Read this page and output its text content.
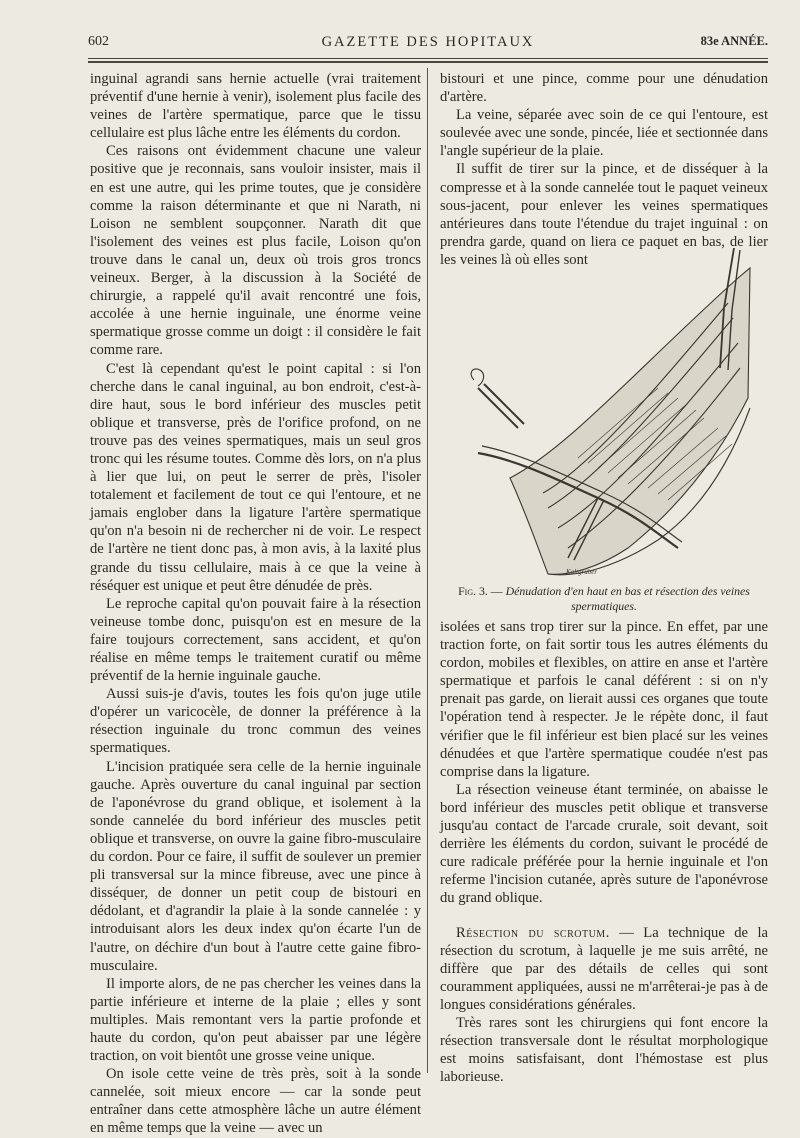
GAZETTE DES HOPITAUX
602	83e ANNÉE.

inguinal agrandi sans hernie actuelle (vrai traitement préventif d'une hernie à venir), isolement plus facile des veines de l'artère spermatique, parce que le tissu cellulaire est plus lâche entre les éléments du cordon.

Ces raisons ont évidemment chacune une valeur positive que je reconnais, sans vouloir insister, mais il en est une autre, qui les prime toutes, que je considère comme la raison déterminante et que ni Narath, ni Loison ne semblent soupçonner. Narath dit que l'isolement des veines est plus facile, Loison qu'on trouve dans le canal un, deux où trois gros troncs veineux. Berger, à la discussion à la Société de chirurgie, a rappelé qu'il avait rencontré une fois, accolée à une hernie inguinale, une énorme veine spermatique grosse comme un doigt : il considère le fait comme rare.

C'est là cependant qu'est le point capital : si l'on cherche dans le canal inguinal, au bon endroit, c'est-à-dire haut, sous le bord inférieur des muscles petit oblique et transverse, près de l'orifice profond, on ne trouve pas des veines spermatiques, mais un seul gros tronc qui les résume toutes. Comme dès lors, on n'a plus à lier que lui, on peut le serrer de près, l'isoler totalement et facilement de tout ce qui l'entoure, et ne jamais englober dans la ligature l'artère spermatique qu'on n'a besoin ni de rechercher ni de voir. Le respect de l'artère ne tient donc pas, à mon avis, à la laxité plus grande du tissu cellulaire, mais à ce que la veine à réséquer est unique et peut être dénudée de près.

Le reproche capital qu'on pouvait faire à la résection veineuse tombe donc, puisqu'on est en mesure de la faire toujours correctement, sans accident, et qu'on réalise en même temps le traitement curatif ou même préventif de la hernie inguinale gauche.

Aussi suis-je d'avis, toutes les fois qu'on juge utile d'opérer un varicocèle, de donner la préférence à la résection inguinale du tronc commun des veines spermatiques.

L'incision pratiquée sera celle de la hernie inguinale gauche. Après ouverture du canal inguinal par section de l'aponévrose du grand oblique, et isolement à la sonde cannelée du bord inférieur des muscles petit oblique et transverse, on ouvre la gaine fibro-musculaire du cordon. Pour ce faire, il suffit de soulever un premier pli transversal sur la mince fibreuse, avec une pince à disséquer, de donner un petit coup de bistouri en dédolant, et d'agrandir la plaie à la sonde cannelée : y introduisant alors les deux index qu'on écarte l'un de l'autre, on déchire d'un bout à l'autre cette gaine fibro-musculaire.

Il importe alors, de ne pas chercher les veines dans la partie inférieure et interne de la plaie ; elles y sont multiples. Mais remontant vers la partie profonde et haute du cordon, qu'on peut abaisser par une légère traction, on voit bientôt une grosse veine unique.

On isole cette veine de très près, soit à la sonde cannelée, soit mieux encore — car la sonde peut entraîner dans cette atmosphère lâche un autre élément en même temps que la veine — avec un

bistouri et une pince, comme pour une dénudation d'artère.

La veine, séparée avec soin de ce qui l'entoure, est soulevée avec une sonde, pincée, liée et sectionnée dans l'angle supérieur de la plaie.

Il suffit de tirer sur la pince, et de disséquer à la compresse et à la sonde cannelée tout le paquet veineux sous-jacent, pour enlever les veines spermatiques antérieures dans toute l'étendue du trajet inguinal : on prendra garde, quand on liera ce paquet en bas, de lier les veines là où elles sont

Kaltgrüber
Fig. 3. — Dénudation d'en haut en bas et résection des veines spermatiques.

isolées et sans trop tirer sur la pince. En effet, par une traction forte, on fait sortir tous les autres éléments du cordon, mobiles et flexibles, on attire en anse et l'artère spermatique et parfois le canal déférent : si on n'y prenait pas garde, on lierait aussi ces organes que toute l'opération tend à respecter. Je le répète donc, il faut vérifier que le fil inférieur est bien placé sur les veines dénudées et que l'artère spermatique coudée n'est pas comprise dans la ligature.

La résection veineuse étant terminée, on abaisse le bord inférieur des muscles petit oblique et transverse jusqu'au contact de l'arcade crurale, soit devant, soit derrière les éléments du cordon, suivant le procédé de cure radicale préférée pour la hernie inguinale et l'on referme l'incision cutanée, après suture de l'aponévrose du grand oblique.

Résection du scrotum. — La technique de la résection du scrotum, à laquelle je me suis arrêté, ne diffère que par des détails de celles qui sont couramment appliquées, aussi ne m'arrêterai-je pas à de longues considérations générales.

Très rares sont les chirurgiens qui font encore la résection transversale dont le résultat morphologique est moins satisfaisant, dont l'hémostase est plus laborieuse.
